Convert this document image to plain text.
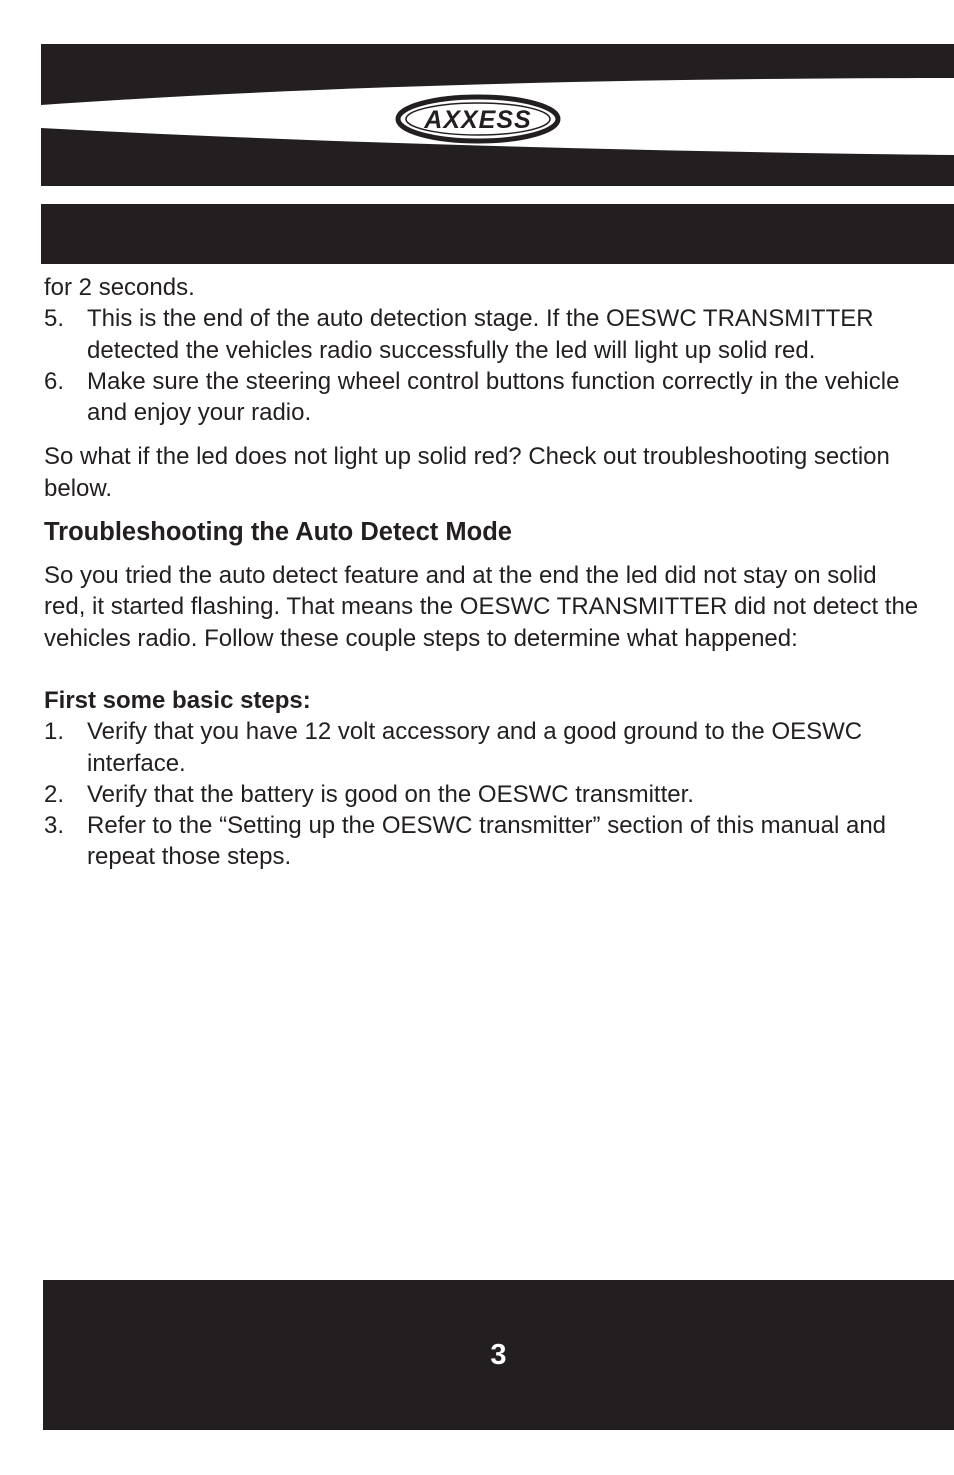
AXXESS

for 2 seconds.

5. This is the end of the auto detection stage. If the OESWC TRANSMITTER detected the vehicles radio successfully the led will light up solid red.
6. Make sure the steering wheel control buttons function correctly in the vehicle and enjoy your radio.

So what if the led does not light up solid red? Check out troubleshooting section below.

Troubleshooting the Auto Detect Mode

So you tried the auto detect feature and at the end the led did not stay on solid red, it started flashing. That means the OESWC TRANSMITTER did not detect the vehicles radio. Follow these couple steps to determine what happened:

First some basic steps:

1. Verify that you have 12 volt accessory and a good ground to the OESWC interface.
2. Verify that the battery is good on the OESWC transmitter.
3. Refer to the “Setting up the OESWC transmitter” section of this manual and repeat those steps.
3
